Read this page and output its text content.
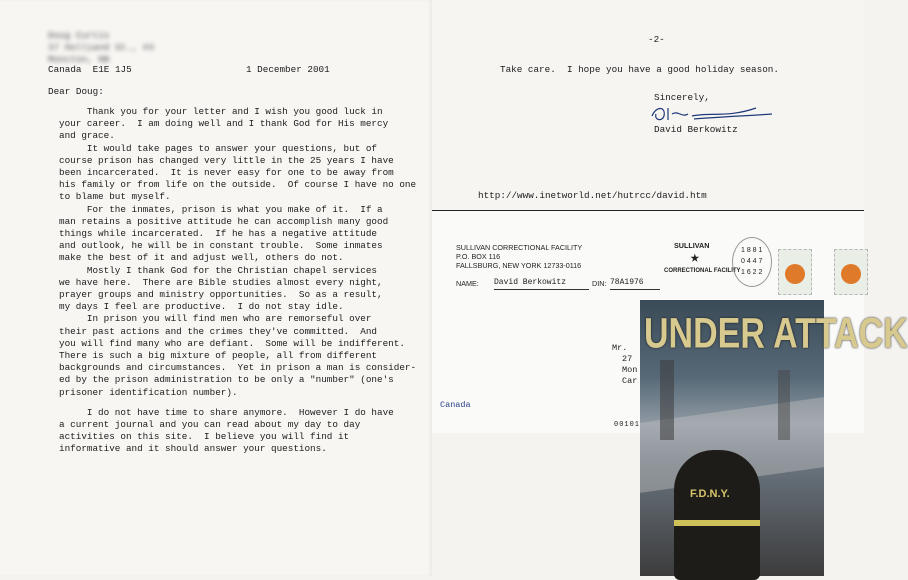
Doug Curtis
37 Holliand St., #3
Moncton, NB
Canada  E1E 1J5	1 December 2001
Dear Doug:
Thank you for your letter and I wish you good luck in
your career.  I am doing well and I thank God for His mercy
and grace.
It would take pages to answer your questions, but of
course prison has changed very little in the 25 years I have
been incarcerated.  It is never easy for one to be away from
his family or from life on the outside.  Of course I have no one
to blame but myself.
For the inmates, prison is what you make of it.  If a
man retains a positive attitude he can accomplish many good
things while incarcerated.  If he has a negative attitude
and outlook, he will be in constant trouble.  Some inmates
make the best of it and adjust well, others do not.
Mostly I thank God for the Christian chapel services
we have here.  There are Bible studies almost every night,
prayer groups and ministry opportunities.  So as a result,
my days I feel are productive.  I do not stay idle.
In prison you will find men who are remorseful over
their past actions and the crimes they've committed.  And
you will find many who are defiant.  Some will be indifferent.
There is such a big mixture of people, all from different
backgrounds and circumstances.  Yet in prison a man is consider-
ed by the prison administration to be only a "number" (one's
prisoner identification number).
I do not have time to share anymore.  However I do have
a current journal and you can read about my day to day
activities on this site.  I believe you will find it
informative and it should answer your questions.
-2-
Take care.  I hope you have a good holiday season.
Sincerely,
David Berkowitz
http://www.inetworld.net/hutrcc/david.htm
SULLIVAN CORRECTIONAL FACILITY
P.O. BOX 116
FALLSBURG, NEW YORK 12733-0116
NAME: David Berkowitz	DIN: 78A1976
SULLIVAN
★
CORRECTIONAL FACILITY
1 8 8 1
0 4 4 7
1 6 2 2
Mr.
27
Mon
Car
Canada
00101
UNDER ATTACK
F.D.N.Y.
